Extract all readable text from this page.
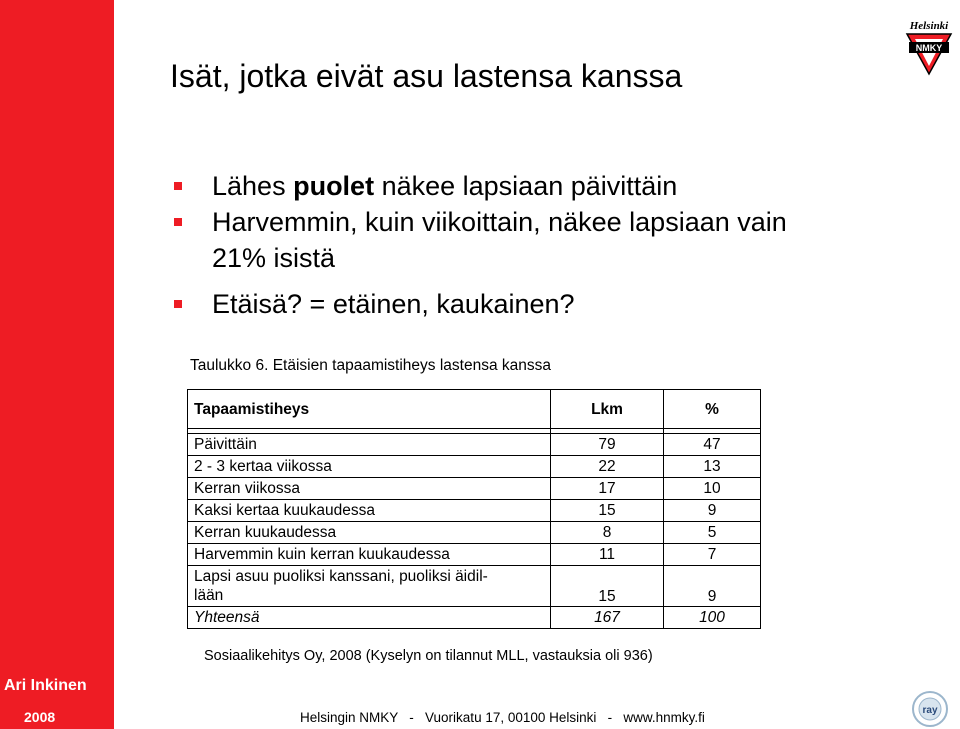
Ari Inkinen
2008
Isät, jotka eivät asu lastensa kanssa
Lähes puolet näkee lapsiaan päivittäin
Harvemmin, kuin viikoittain, näkee lapsiaan vain
21% isistä
Etäisä? = etäinen, kaukainen?
Taulukko 6. Etäisien tapaamistiheys lastensa kanssa
Tapaamistiheys	Lkm	%

Päivittäin	79	47
2 - 3 kertaa viikossa	22	13
Kerran viikossa	17	10
Kaksi kertaa kuukaudessa	15	9
Kerran kuukaudessa	8	5
Harvemmin kuin kerran kuukaudessa	11	7

Lapsi asuu puoliksi kanssani, puoliksi äidil-
lään	15	9
Yhteensä	167	100
Sosiaalikehitys Oy, 2008 (Kyselyn on tilannut MLL, vastauksia oli 936)
Helsingin NMKY   -   Vuorikatu 17, 00100 Helsinki   -   www.hnmky.fi
Helsinki
NMKY
ray
